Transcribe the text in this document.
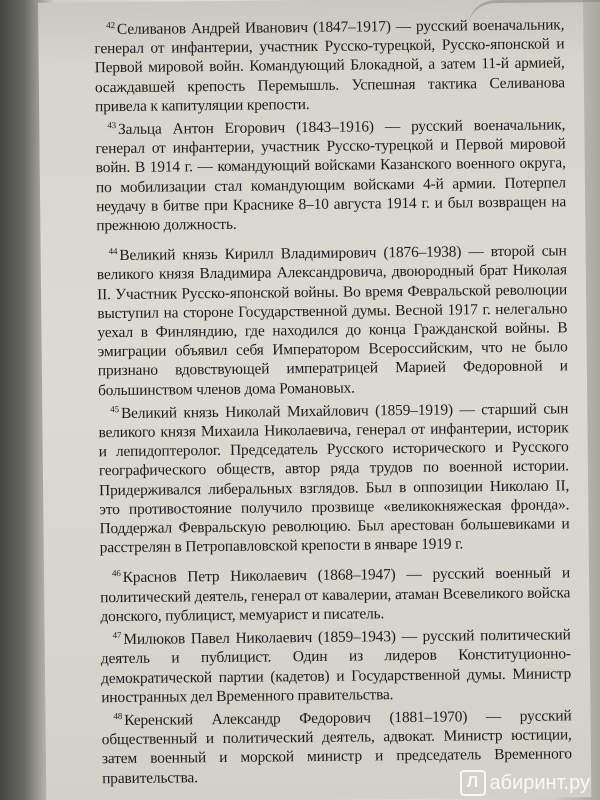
$^{42}$ Селиванов Андрей Иванович (1847–1917) — русский военачальник, генерал от инфантерии, участник Русско-турецкой, Русско-японской и Первой мировой войн. Командующий Блокадной, а затем 11-й армией, осаждавшей крепость Перемышль. Успешная тактика Селиванова привела к капитуляции крепости.

$^{43}$ Зальца Антон Егорович (1843–1916) — русский военачальник, генерал от инфантерии, участник Русско-турецкой и Первой мировой войн. В 1914 г. — командующий войсками Казанского военного округа, по мобилизации стал командующим войсками 4-й армии. Потерпел неудачу в битве при Краснике 8–10 августа 1914 г. и был возвращен на прежнюю должность.

$^{44}$ Великий князь Кирилл Владимирович (1876–1938) — второй сын великого князя Владимира Александровича, двоюродный брат Николая II. Участник Русско-японской войны. Во время Февральской революции выступил на стороне Государственной думы. Весной 1917 г. нелегально уехал в Финляндию, где находился до конца Гражданской войны. В эмиграции объявил себя Императором Всероссийским, что не было признано вдовствующей императрицей Марией Федоровной и большинством членов дома Романовых.

$^{45}$ Великий князь Николай Михайлович (1859–1919) — старший сын великого князя Михаила Николаевича, генерал от инфантерии, историк и лепидоптеролог. Председатель Русского исторического и Русского географического обществ, автор ряда трудов по военной истории. Придерживался либеральных взглядов. Был в оппозиции Николаю II, это противостояние получило прозвище «великокняжеская фронда». Поддержал Февральскую революцию. Был арестован большевиками и расстрелян в Петропавловской крепости в январе 1919 г.

$^{46}$ Краснов Петр Николаевич (1868–1947) — русский военный и политический деятель, генерал от кавалерии, атаман Всевеликого войска донского, публицист, мемуарист и писатель.

$^{47}$ Милюков Павел Николаевич (1859–1943) — русский политический деятель и публицист. Один из лидеров Конституционно-демократической партии (кадетов) и Государственной думы. Министр иностранных дел Временного правительства.

$^{48}$ Керенский Александр Федорович (1881–1970) — русский общественный и политический деятель, адвокат. Министр юстиции, затем военный и морской министр и председатель Временного правительства.	Л абиринт.ру
